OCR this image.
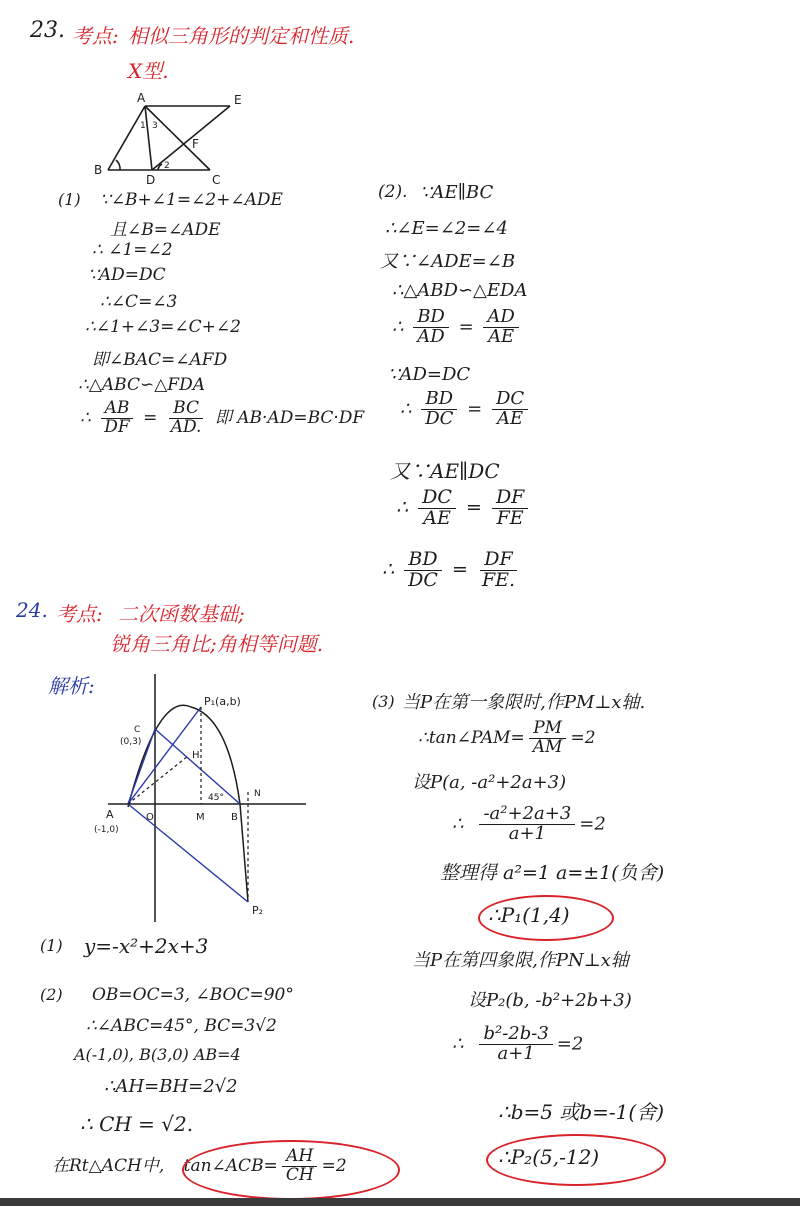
23. 考点: 相似三角形的判定和性质.
X型.
A	E
B
D	C
F
1 3
2
(1) ∵∠B+∠1=∠2+∠ADE
且∠B=∠ADE
∴ ∠1=∠2
∵AD=DC
∴∠C=∠3
∴∠1+∠3=∠C+∠2
即∠BAC=∠AFD
∴△ABC∽△FDA
∴ $\frac{AB}{DF} = \frac{BC}{AD.}$ 即 AB·AD=BC·DF
(2). ∵AE∥BC
∴∠E=∠2=∠4
又∵∠ADE=∠B
∴△ABD∽△EDA
∴ $\frac{BD}{AD} = \frac{AD}{AE}$
∵AD=DC
∴ $\frac{BD}{DC} = \frac{DC}{AE}$
又∵AE∥DC
∴ $\frac{DC}{AE} = \frac{DF}{FE}$
∴ $\frac{BD}{DC} = \frac{DF}{FE.}$
24. 考点: 二次函数基础;
锐角三角比;角相等问题.
解析:
P₁(a,b)
C
(0,3)
H
N
A
(-1,0)
O	M	B
45°
P₂
(1) y=-x²+2x+3
(2) OB=OC=3, ∠BOC=90°
∴∠ABC=45°, BC=3√2
A(-1,0), B(3,0) AB=4
∴AH=BH=2√2
∴ CH = √2.
在Rt△ACH中, tan∠ACB= $\frac{AH}{CH} =2$
(3) 当P在第一象限时,作PM⊥x轴.
∴tan∠PAM= $\frac{PM}{AM} =2$
设P(a, -a²+2a+3)
∴ $\frac{\text{-a²+2a+3}}{a+1} =2$
整理得 a²=1 a=±1(负舍)
∴P₁(1,4)
当P在第四象限,作PN⊥x轴
设P₂(b, -b²+2b+3)
∴ $\frac{\text{b²-2b-3}}{a+1} =2$
∴b=5 或b=-1(舍)
∴P₂(5,-12)
